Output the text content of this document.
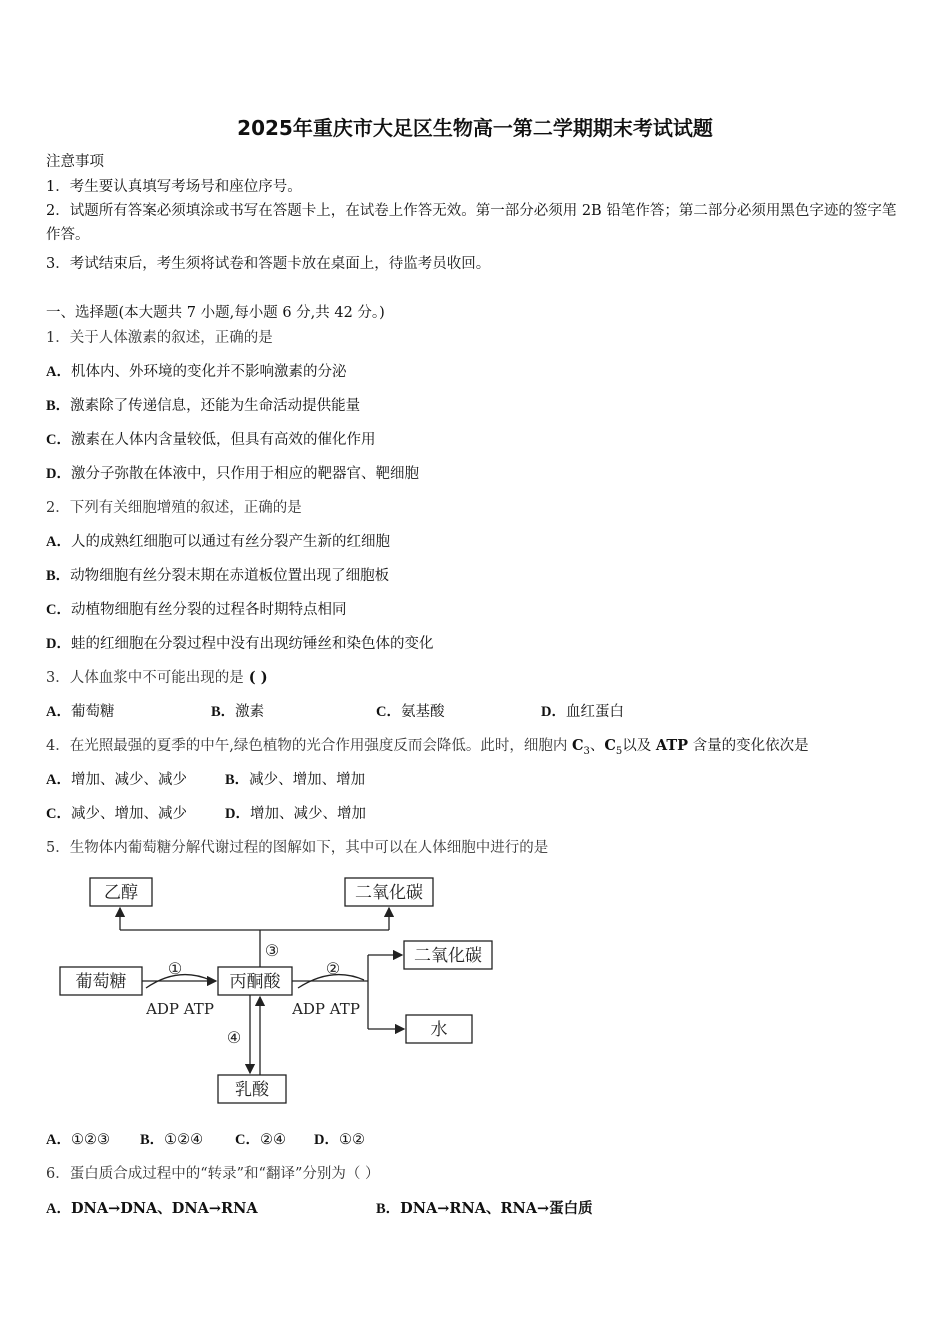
2025年重庆市大足区生物高一第二学期期末考试试题
注意事项
1．考生要认真填写考场号和座位序号。
2．试题所有答案必须填涂或书写在答题卡上，在试卷上作答无效。第一部分必须用 2B 铅笔作答；第二部分必须用黑色字迹的签字笔作答。
3．考试结束后，考生须将试卷和答题卡放在桌面上，待监考员收回。
一、选择题(本大题共 7 小题,每小题 6 分,共 42 分。)
1．关于人体激素的叙述，正确的是
A．机体内、外环境的变化并不影响激素的分泌
B．激素除了传递信息，还能为生命活动提供能量
C．激素在人体内含量较低，但具有高效的催化作用
D．激分子弥散在体液中，只作用于相应的靶器官、靶细胞
2．下列有关细胞增殖的叙述，正确的是
A．人的成熟红细胞可以通过有丝分裂产生新的红细胞
B．动物细胞有丝分裂末期在赤道板位置出现了细胞板
C．动植物细胞有丝分裂的过程各时期特点相同
D．蛙的红细胞在分裂过程中没有出现纺锤丝和染色体的变化
3．人体血浆中不可能出现的是 ( )
A．葡萄糖	B．激素	C．氨基酸	D．血红蛋白
4．在光照最强的夏季的中午,绿色植物的光合作用强度反而会降低。此时，细胞内 $C_3$、$C_5$以及 ATP 含量的变化依次是
A．增加、减少、减少	B．减少、增加、增加
C．减少、增加、减少	D．增加、减少、增加
5．生物体内葡萄糖分解代谢过程的图解如下，其中可以在人体细胞中进行的是
乙醇	二氧化碳
葡萄糖	丙酮酸
二氧化碳
水
乳酸
①	②
③
④
ADP ATP	ADP ATP
A．①②③ B．①②④ C．②④ D．①②
6．蛋白质合成过程中的“转录”和“翻译”分别为（ ）
A．DNA→DNA、DNA→RNA	B．DNA→RNA、RNA→蛋白质
